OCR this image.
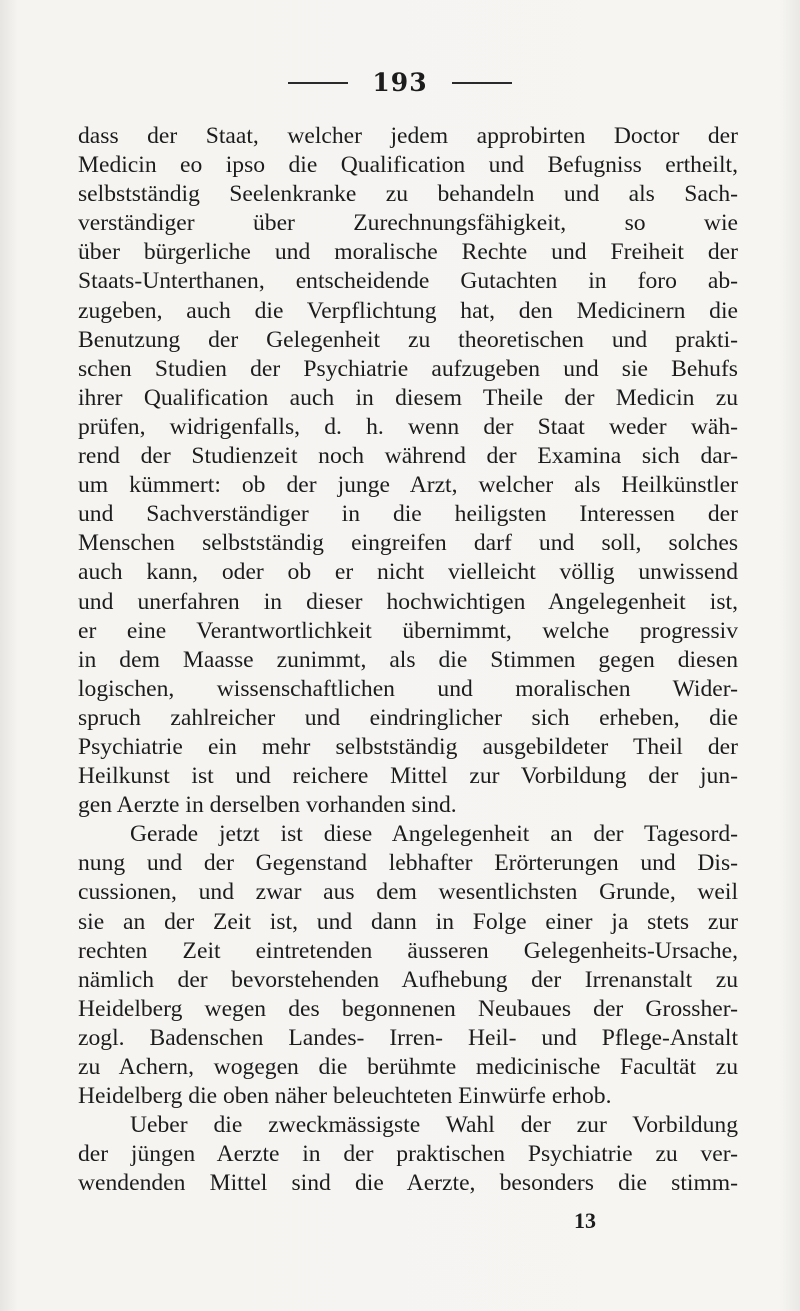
193
dass der Staat, welcher jedem approbirten Doctor der
Medicin eo ipso die Qualification und Befugniss ertheilt,
selbstständig Seelenkranke zu behandeln und als Sach-
verständiger über Zurechnungsfähigkeit, so wie
über bürgerliche und moralische Rechte und Freiheit der
Staats-Unterthanen, entscheidende Gutachten in foro ab-
zugeben, auch die Verpflichtung hat, den Medicinern die
Benutzung der Gelegenheit zu theoretischen und prakti-
schen Studien der Psychiatrie aufzugeben und sie Behufs
ihrer Qualification auch in diesem Theile der Medicin zu
prüfen, widrigenfalls, d. h. wenn der Staat weder wäh-
rend der Studienzeit noch während der Examina sich dar-
um kümmert: ob der junge Arzt, welcher als Heilkünstler
und Sachverständiger in die heiligsten Interessen der
Menschen selbstständig eingreifen darf und soll, solches
auch kann, oder ob er nicht vielleicht völlig unwissend
und unerfahren in dieser hochwichtigen Angelegenheit ist,
er eine Verantwortlichkeit übernimmt, welche progressiv
in dem Maasse zunimmt, als die Stimmen gegen diesen
logischen, wissenschaftlichen und moralischen Wider-
spruch zahlreicher und eindringlicher sich erheben, die
Psychiatrie ein mehr selbstständig ausgebildeter Theil der
Heilkunst ist und reichere Mittel zur Vorbildung der jun-
gen Aerzte in derselben vorhanden sind.
Gerade jetzt ist diese Angelegenheit an der Tagesord-
nung und der Gegenstand lebhafter Erörterungen und Dis-
cussionen, und zwar aus dem wesentlichsten Grunde, weil
sie an der Zeit ist, und dann in Folge einer ja stets zur
rechten Zeit eintretenden äusseren Gelegenheits-Ursache,
nämlich der bevorstehenden Aufhebung der Irrenanstalt zu
Heidelberg wegen des begonnenen Neubaues der Grossher-
zogl. Badenschen Landes- Irren- Heil- und Pflege-Anstalt
zu Achern, wogegen die berühmte medicinische Facultät zu
Heidelberg die oben näher beleuchteten Einwürfe erhob.
Ueber die zweckmässigste Wahl der zur Vorbildung
der jüngen Aerzte in der praktischen Psychiatrie zu ver-
wendenden Mittel sind die Aerzte, besonders die stimm-
13
